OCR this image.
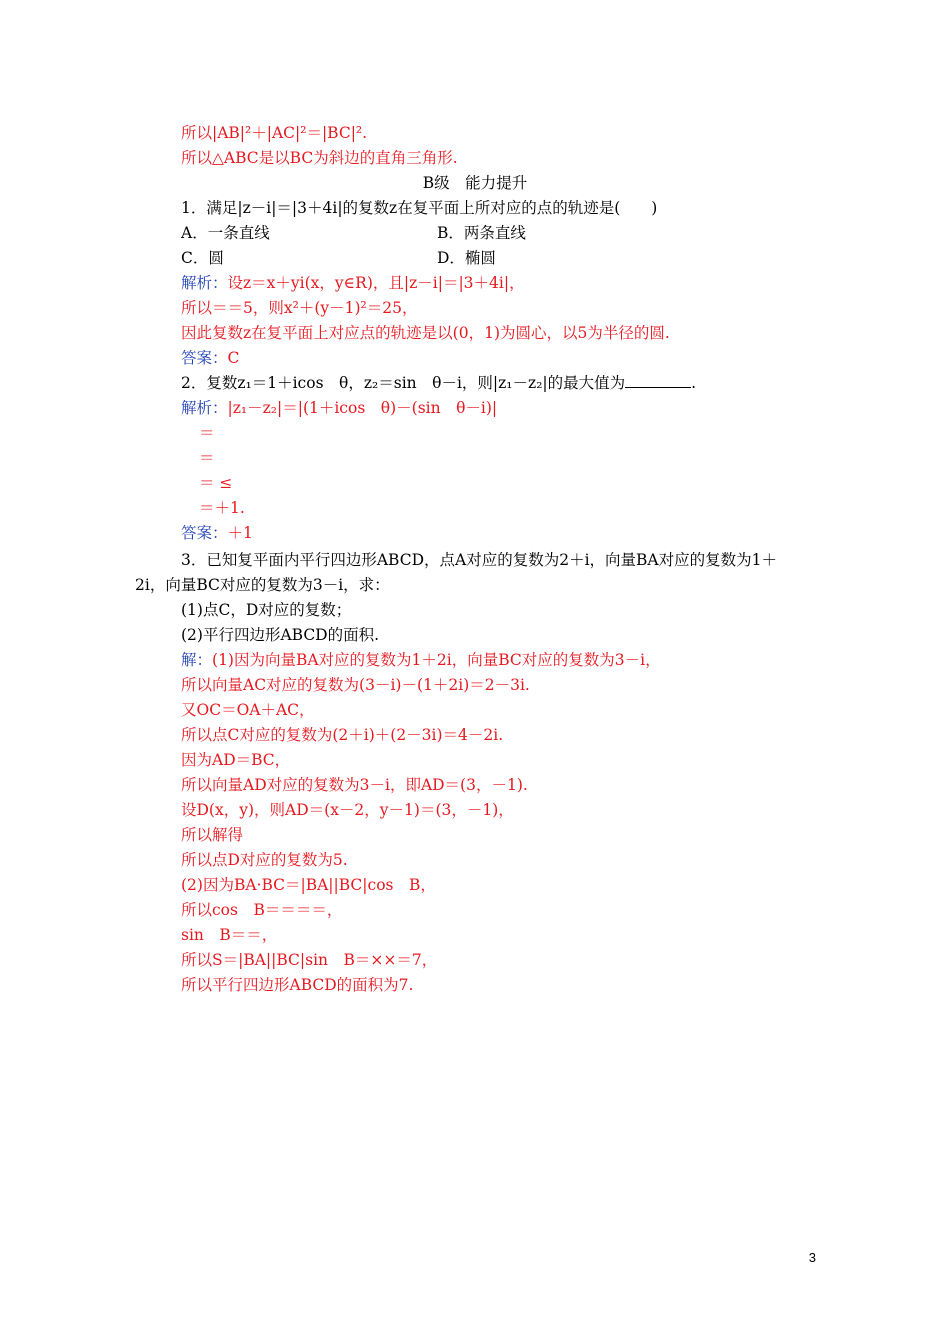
所以|AB|²＋|AC|²＝|BC|².
所以△ABC是以BC为斜边的直角三角形.
B级　能力提升
1．满足|z－i|＝|3＋4i|的复数z在复平面上所对应的点的轨迹是(　　)
A．一条直线	B．两条直线
C．圆	D．椭圆
解析：设z＝x＋yi(x，y∈R)，且|z－i|＝|3＋4i|，
所以＝＝5，则x²＋(y－1)²＝25，
因此复数z在复平面上对应点的轨迹是以(0，1)为圆心，以5为半径的圆.
答案：C
2．复数z₁＝1＋icos　θ，z₂＝sin　θ－i，则|z₁－z₂|的最大值为	.
解析：|z₁－z₂|＝|(1＋icos　θ)－(sin　θ－i)|
＝
＝
＝ ≤
＝＋1.
答案：＋1
3．已知复平面内平行四边形ABCD，点A对应的复数为2＋i，向量BA对应的复数为1＋
2i，向量BC对应的复数为3－i，求：
(1)点C，D对应的复数；
(2)平行四边形ABCD的面积.
解：(1)因为向量BA对应的复数为1＋2i，向量BC对应的复数为3－i，
所以向量AC对应的复数为(3－i)－(1＋2i)＝2－3i.
又OC＝OA＋AC，
所以点C对应的复数为(2＋i)＋(2－3i)＝4－2i.
因为AD＝BC，
所以向量AD对应的复数为3－i，即AD＝(3，－1).
设D(x，y)，则AD＝(x－2，y－1)＝(3，－1)，
所以解得
所以点D对应的复数为5.
(2)因为BA·BC＝|BA||BC|cos　B，
所以cos　B＝＝＝＝，
sin　B＝＝，
所以S＝|BA||BC|sin　B＝××＝7，
所以平行四边形ABCD的面积为7.
3
